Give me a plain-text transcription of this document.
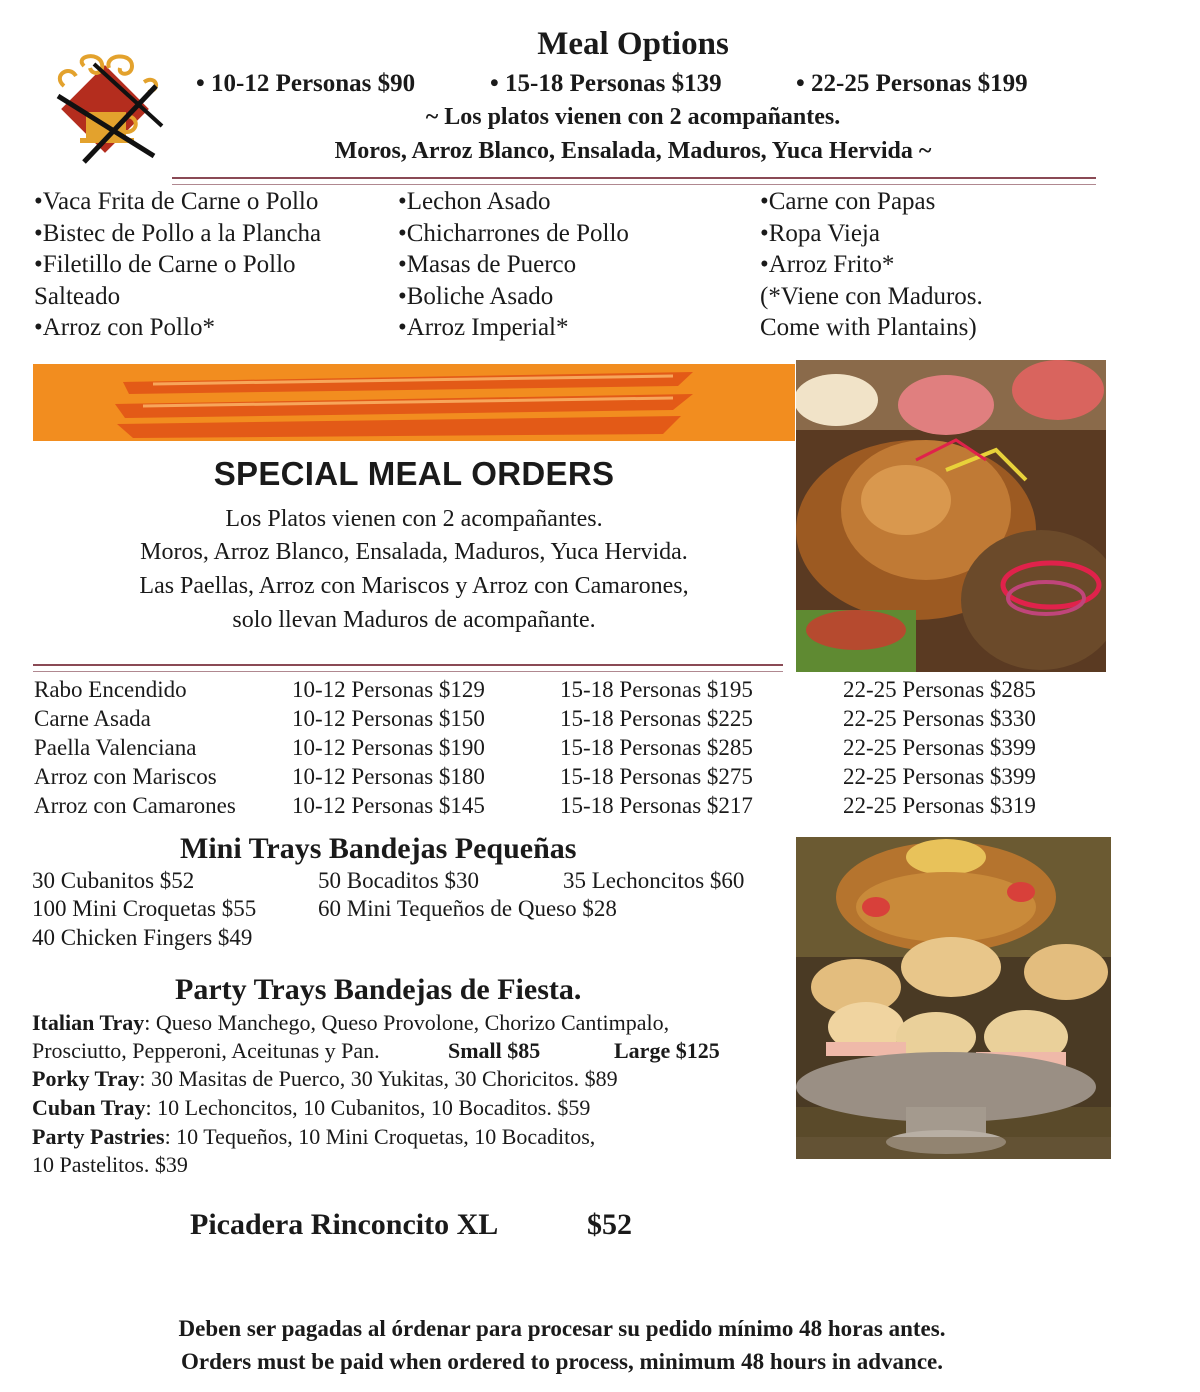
Meal Options
• 10-12 Personas $90	• 15-18 Personas $139	• 22-25 Personas $199
~ Los platos vienen con 2 acompañantes.
Moros, Arroz Blanco, Ensalada, Maduros, Yuca Hervida ~
•Vaca Frita de Carne o Pollo
•Bistec de Pollo a la Plancha
•Filetillo de Carne o Pollo
Salteado
•Arroz con Pollo*
•Lechon Asado
•Chicharrones de Pollo
•Masas de Puerco
•Boliche Asado
•Arroz Imperial*
•Carne con Papas
•Ropa Vieja
•Arroz Frito*
(*Viene con Maduros.
Come with Plantains)
SPECIAL MEAL ORDERS
Los Platos vienen con 2 acompañantes.
Moros, Arroz Blanco, Ensalada, Maduros, Yuca Hervida.
Las Paellas, Arroz con Mariscos y Arroz con Camarones,
solo llevan Maduros de acompañante.
Rabo Encendido	10-12 Personas $129	15-18 Personas $195	22-25 Personas $285
Carne Asada	10-12 Personas $150	15-18 Personas $225	22-25 Personas $330
Paella Valenciana	10-12 Personas $190	15-18 Personas $285	22-25 Personas $399
Arroz con Mariscos	10-12 Personas $180	15-18 Personas $275	22-25 Personas $399
Arroz con Camarones 10-12 Personas $145	15-18 Personas $217	22-25 Personas $319
Mini Trays Bandejas Pequeñas
30 Cubanitos $52	50 Bocaditos $30	35 Lechoncitos $60
100 Mini Croquetas $55	60 Mini Tequeños de Queso $28
40 Chicken Fingers $49
Party Trays Bandejas de Fiesta.
Italian Tray: Queso Manchego, Queso Provolone, Chorizo Cantimpalo,
Prosciutto, Pepperoni, Aceitunas y Pan.	Small $85	Large $125
Porky Tray: 30 Masitas de Puerco, 30 Yukitas, 30 Choricitos. $89
Cuban Tray: 10 Lechoncitos, 10 Cubanitos, 10 Bocaditos. $59
Party Pastries: 10 Tequeños, 10 Mini Croquetas, 10 Bocaditos,
10 Pastelitos. $39
Picadera Rinconcito XL	$52
Deben ser pagadas al órdenar para procesar su pedido mínimo 48 horas antes.
Orders must be paid when ordered to process, minimum 48 hours in advance.
